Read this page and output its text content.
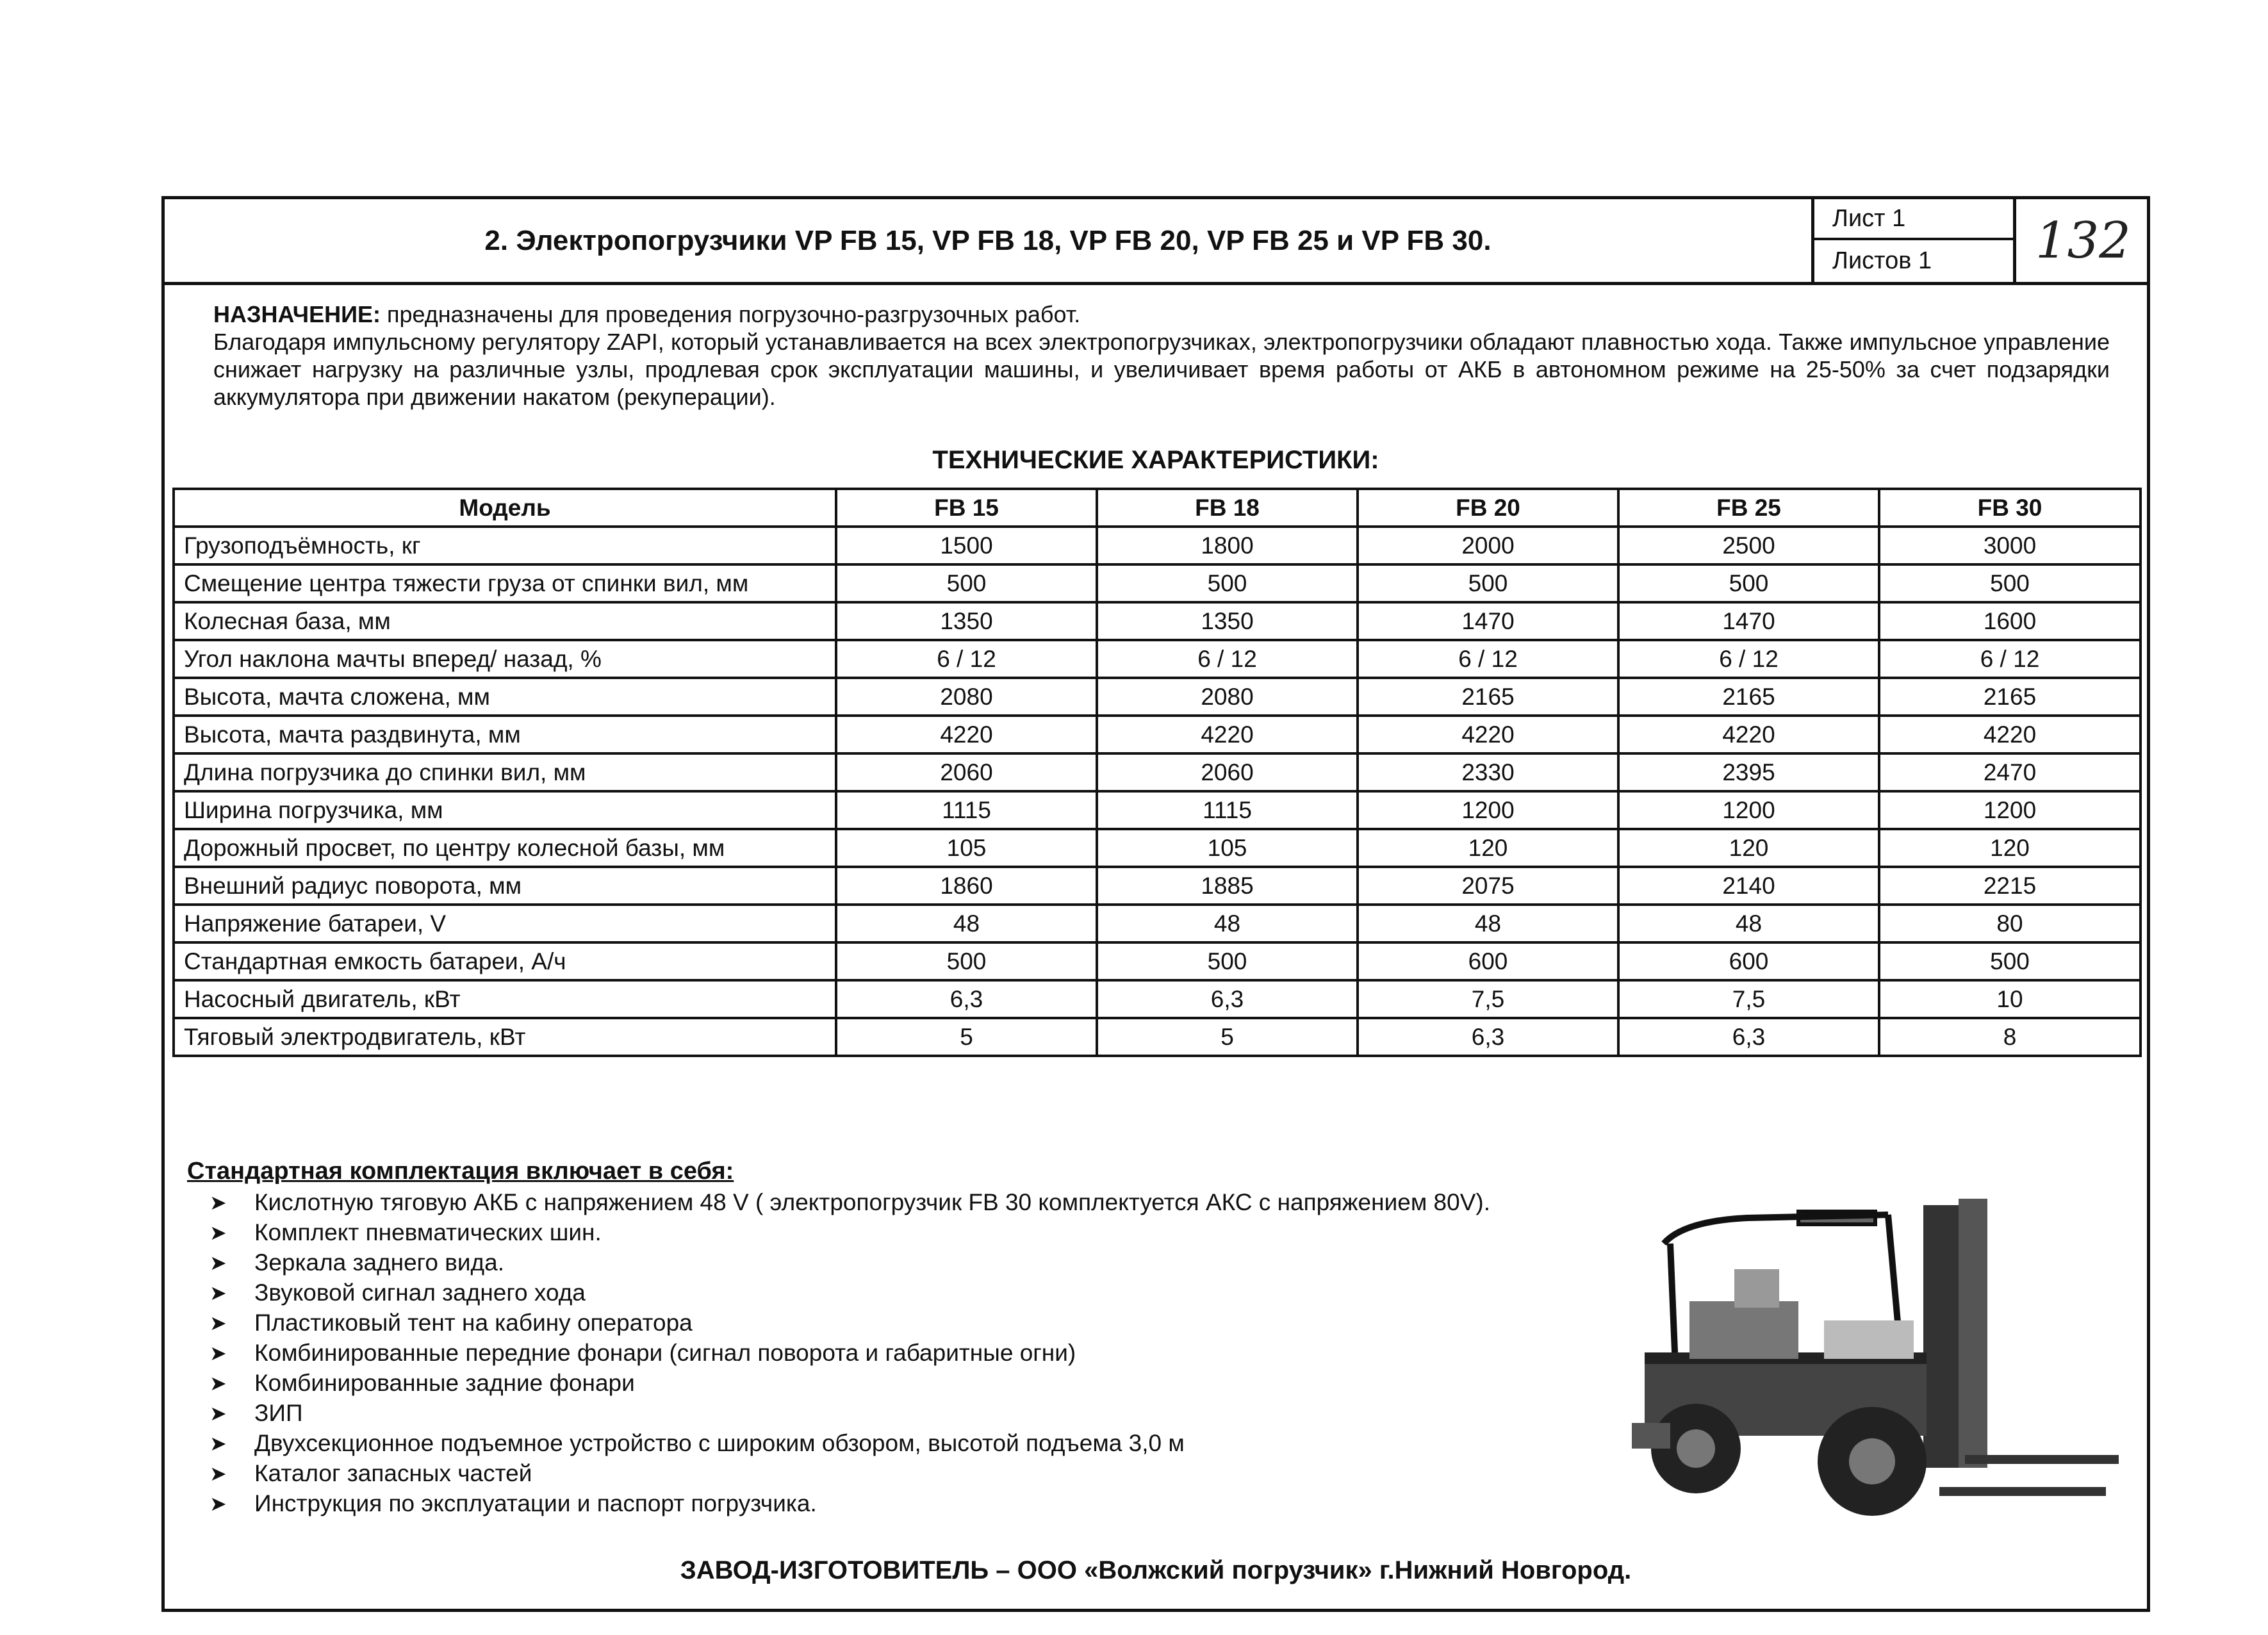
2. Электропогрузчики VP FB 15, VP FB 18, VP FB 20, VP FB 25 и VP FB 30.
Лист 1
Листов 1	132
НАЗНАЧЕНИЕ: предназначены для проведения погрузочно-разгрузочных работ.
Благодаря импульсному регулятору ZAPI, который устанавливается на всех электропогрузчиках, электропогрузчики обладают плавностью хода. Также импульсное управление снижает нагрузку на различные узлы, продлевая срок эксплуатации машины, и увеличивает время работы от АКБ в автономном режиме на 25-50% за счет подзарядки аккумулятора при движении накатом (рекуперации).
ТЕХНИЧЕСКИЕ ХАРАКТЕРИСТИКИ:
Модель	FB 15	FB 18	FB 20	FB 25	FB 30
Грузоподъёмность, кг	1500	1800	2000	2500	3000
Смещение центра тяжести груза от спинки вил, мм	500	500	500	500	500
Колесная база, мм	1350	1350	1470	1470	1600
Угол наклона мачты вперед/ назад, %	6 / 12	6 / 12	6 / 12	6 / 12	6 / 12
Высота, мачта сложена, мм	2080	2080	2165	2165	2165
Высота, мачта раздвинута, мм	4220	4220	4220	4220	4220
Длина погрузчика до спинки вил, мм	2060	2060	2330	2395	2470
Ширина погрузчика, мм	1115	1115	1200	1200	1200
Дорожный просвет, по центру колесной базы, мм	105	105	120	120	120
Внешний радиус поворота, мм	1860	1885	2075	2140	2215
Напряжение батареи, V	48	48	48	48	80
Стандартная емкость батареи, А/ч	500	500	600	600	500
Насосный двигатель, кВт	6,3	6,3	7,5	7,5	10
Тяговый электродвигатель, кВт	5	5	6,3	6,3	8
Стандартная комплектация включает в себя:
➤	Кислотную тяговую АКБ с напряжением 48 V ( электропогрузчик FB 30 комплектуется АКС с напряжением 80V).
➤	Комплект пневматических шин.
➤	Зеркала заднего вида.
➤	Звуковой сигнал заднего хода
➤	Пластиковый тент на кабину оператора
➤	Комбинированные передние фонари (сигнал поворота и габаритные огни)
➤	Комбинированные задние фонари
➤	ЗИП
➤	Двухсекционное подъемное устройство с широким обзором, высотой подъема 3,0 м
➤	Каталог запасных частей
➤	Инструкция по эксплуатации и паспорт погрузчика.
ЗАВОД-ИЗГОТОВИТЕЛЬ – ООО «Волжский погрузчик» г.Нижний Новгород.
